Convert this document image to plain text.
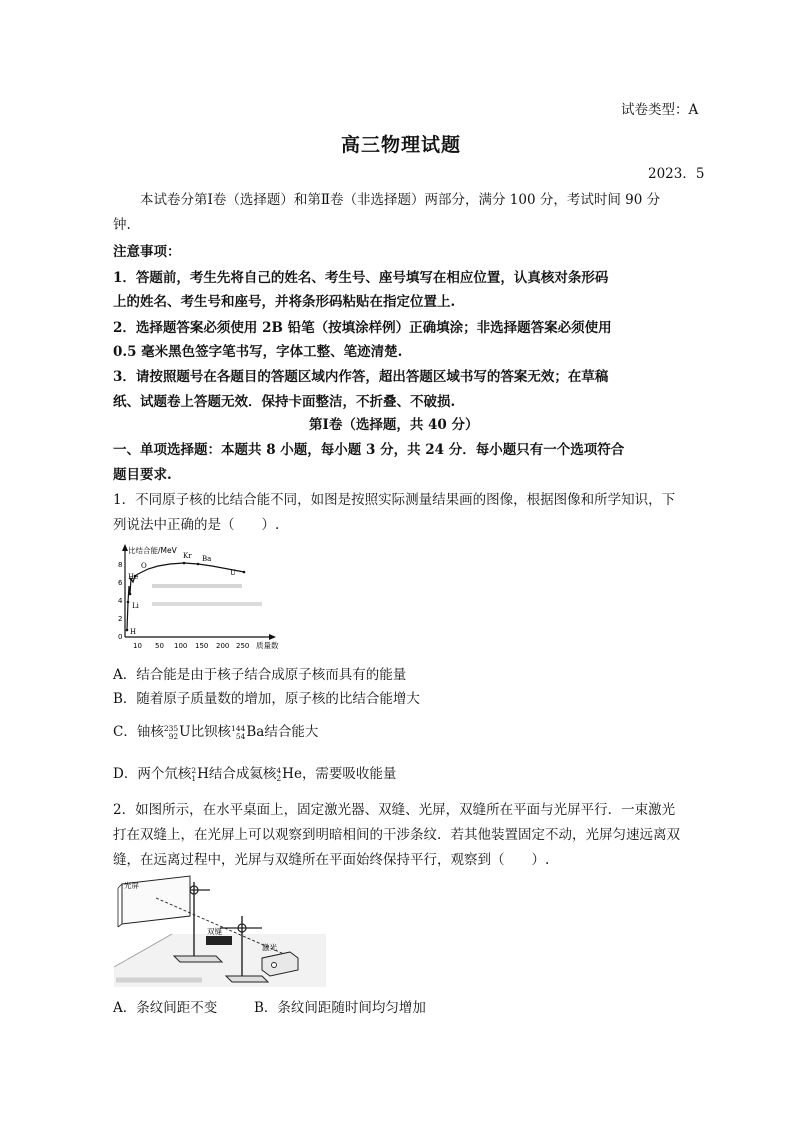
试卷类型：A
高三物理试题
2023．5
本试卷分第Ⅰ卷（选择题）和第Ⅱ卷（非选择题）两部分，满分 100 分，考试时间 90 分
钟.
注意事项：
1．答题前，考生先将自己的姓名、考生号、座号填写在相应位置，认真核对条形码
上的姓名、考生号和座号，并将条形码粘贴在指定位置上.
2．选择题答案必须使用 2B 铅笔（按填涂样例）正确填涂；非选择题答案必须使用
0.5 毫米黑色签字笔书写，字体工整、笔迹清楚.
3．请按照题号在各题目的答题区域内作答，超出答题区域书写的答案无效；在草稿
纸、试题卷上答题无效．保持卡面整洁，不折叠、不破损.
第Ⅰ卷（选择题，共 40 分）
一、单项选择题：本题共 8 小题，每小题 3 分，共 24 分．每小题只有一个选项符合
题目要求.
1．不同原子核的比结合能不同，如图是按照实际测量结果画的图像，根据图像和所学知识，下
列说法中正确的是（　　）.
比结合能/MeV
0
2
4
6
8
10 50 100 150 200 250 质量数
He
O
Kr Ba
U
Li
H
A．结合能是由于核子结合成原子核而具有的能量
B．随着原子质量数的增加，原子核的比结合能增大
C．铀核 235
92 U比钡核 144
54 Ba结合能大
D．两个氘核 2
1 H结合成氦核 4
2 He，需要吸收能量
2．如图所示，在水平桌面上，固定激光器、双缝、光屏，双缝所在平面与光屏平行．一束激光
打在双缝上，在光屏上可以观察到明暗相间的干涉条纹．若其他装置固定不动，光屏匀速远离双
缝，在远离过程中，光屏与双缝所在平面始终保持平行，观察到（　　）.
光屏
双缝
激光
A．条纹间距不变	B．条纹间距随时间均匀增加
